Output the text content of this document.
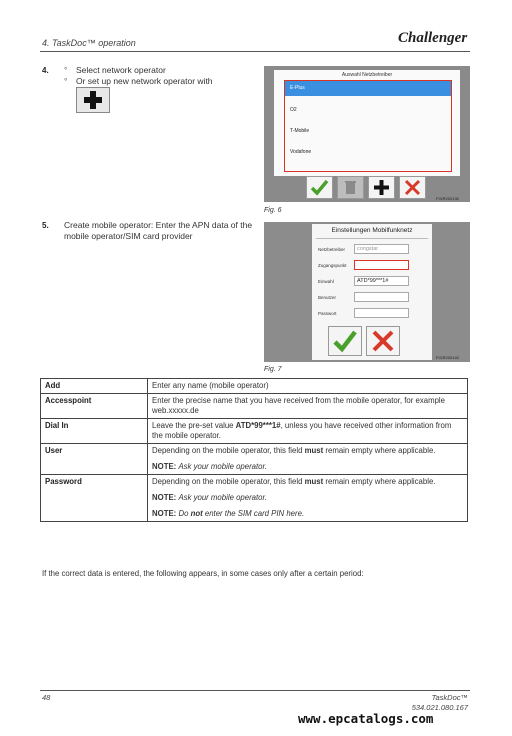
4. TaskDoc™ operation	Challenger
4. ° Select network operator
° Or set up new network operator with
Auswahl Netzbetreiber
E-Plus
O2
T-Mobile
Vodafone
FG/R200130
Fig. 6
5. Create mobile operator: Enter the APN data of the mobile operator/SIM card provider
Einstellungen Mobilfunknetz
Netzbetreiber	congstar
Zugangspunkt
Einwahl	ATD*99***1#
Benutzer
Passwort
FG/R200140
Fig. 7
Add	Enter any name (mobile operator)
Accesspoint	Enter the precise name that you have received from the mobile operator, for example web.xxxxx.de
Dial In	Leave the pre-set value ATD*99***1#, unless you have received other information from the mobile operator.
User	Depending on the mobile operator, this field must remain empty where applicable.
NOTE: Ask your mobile operator.

Password	Depending on the mobile operator, this field must remain empty where applicable.
NOTE: Ask your mobile operator.
NOTE: Do not enter the SIM card PIN here.
If the correct data is entered, the following appears, in some cases only after a certain period:
48	TaskDoc™
534.021.080.167
www.epcatalogs.com
